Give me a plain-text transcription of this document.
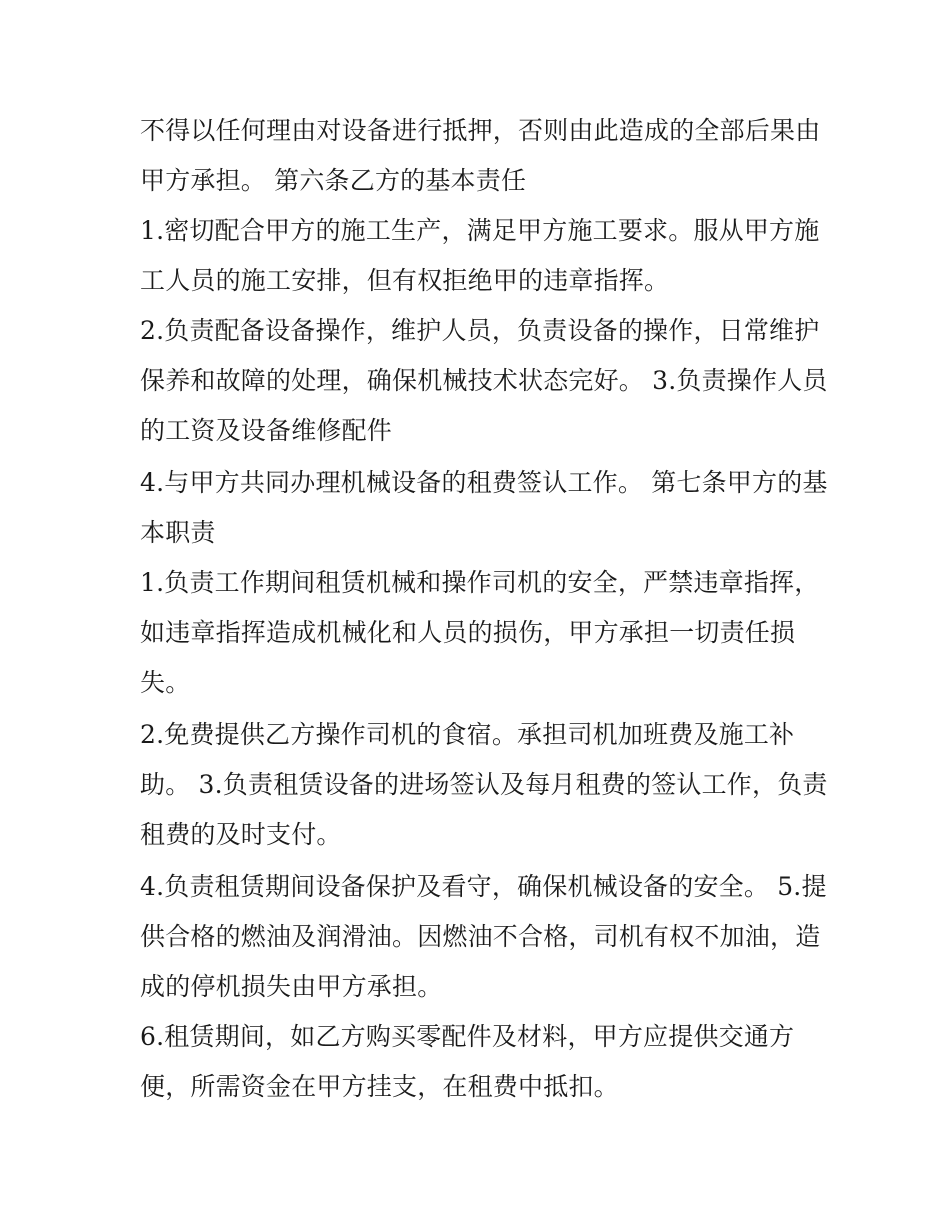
不得以任何理由对设备进行抵押，否则由此造成的全部后果由
甲方承担。 第六条乙方的基本责任
1.密切配合甲方的施工生产，满足甲方施工要求。服从甲方施
工人员的施工安排，但有权拒绝甲的违章指挥。
2.负责配备设备操作，维护人员，负责设备的操作，日常维护
保养和故障的处理，确保机械技术状态完好。 3.负责操作人员
的工资及设备维修配件
4.与甲方共同办理机械设备的租费签认工作。 第七条甲方的基
本职责
1.负责工作期间租赁机械和操作司机的安全，严禁违章指挥，
如违章指挥造成机械化和人员的损伤，甲方承担一切责任损
失。
2.免费提供乙方操作司机的食宿。承担司机加班费及施工补
助。 3.负责租赁设备的进场签认及每月租费的签认工作，负责
租费的及时支付。
4.负责租赁期间设备保护及看守，确保机械设备的安全。 5.提
供合格的燃油及润滑油。因燃油不合格，司机有权不加油，造
成的停机损失由甲方承担。
6.租赁期间，如乙方购买零配件及材料，甲方应提供交通方
便，所需资金在甲方挂支，在租费中抵扣。
